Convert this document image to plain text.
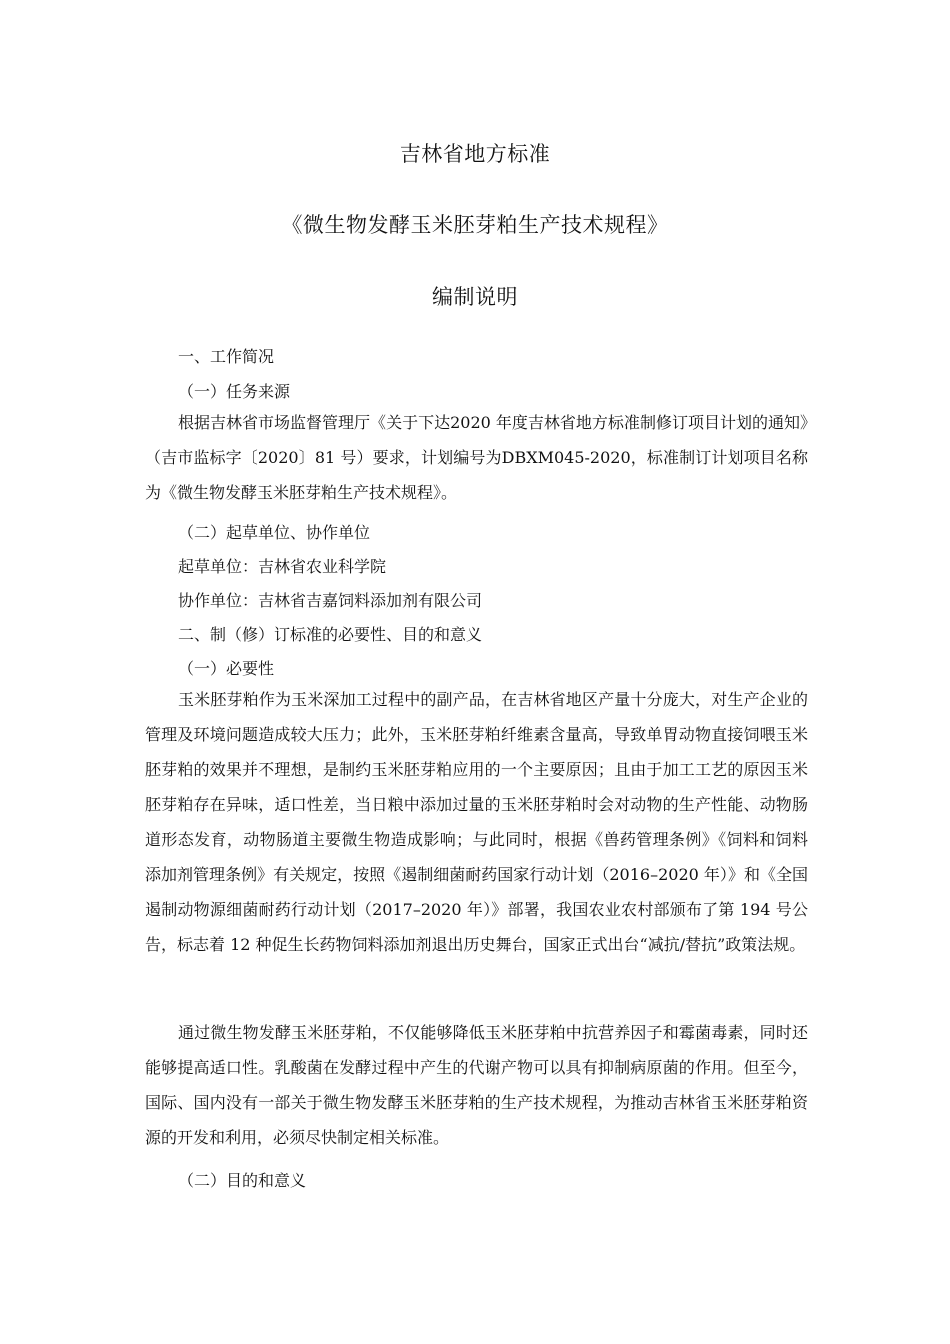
吉林省地方标准
《微生物发酵玉米胚芽粕生产技术规程》
编制说明
一、工作简况
（一）任务来源

根据吉林省市场监督管理厅《关于下达2020 年度吉林省地方标准制修订项目计划的通知》（吉市监标字〔2020〕81 号）要求，计划编号为DBXM045-2020，标准制订计划项目名称为《微生物发酵玉米胚芽粕生产技术规程》。

（二）起草单位、协作单位
起草单位：吉林省农业科学院
协作单位：吉林省吉嘉饲料添加剂有限公司
二、制（修）订标准的必要性、目的和意义
（一）必要性

玉米胚芽粕作为玉米深加工过程中的副产品，在吉林省地区产量十分庞大，对生产企业的管理及环境问题造成较大压力；此外，玉米胚芽粕纤维素含量高，导致单胃动物直接饲喂玉米胚芽粕的效果并不理想，是制约玉米胚芽粕应用的一个主要原因；且由于加工工艺的原因玉米胚芽粕存在异味，适口性差，当日粮中添加过量的玉米胚芽粕时会对动物的生产性能、动物肠道形态发育，动物肠道主要微生物造成影响；与此同时，根据《兽药管理条例》《饲料和饲料添加剂管理条例》有关规定，按照《遏制细菌耐药国家行动计划（2016–2020 年）》和《全国遏制动物源细菌耐药行动计划（2017–2020 年）》部署，我国农业农村部颁布了第 194 号公告，标志着 12 种促生长药物饲料添加剂退出历史舞台，国家正式出台“减抗/替抗”政策法规。

通过微生物发酵玉米胚芽粕，不仅能够降低玉米胚芽粕中抗营养因子和霉菌毒素，同时还能够提高适口性。乳酸菌在发酵过程中产生的代谢产物可以具有抑制病原菌的作用。但至今，国际、国内没有一部关于微生物发酵玉米胚芽粕的生产技术规程，为推动吉林省玉米胚芽粕资源的开发和利用，必须尽快制定相关标准。

（二）目的和意义
